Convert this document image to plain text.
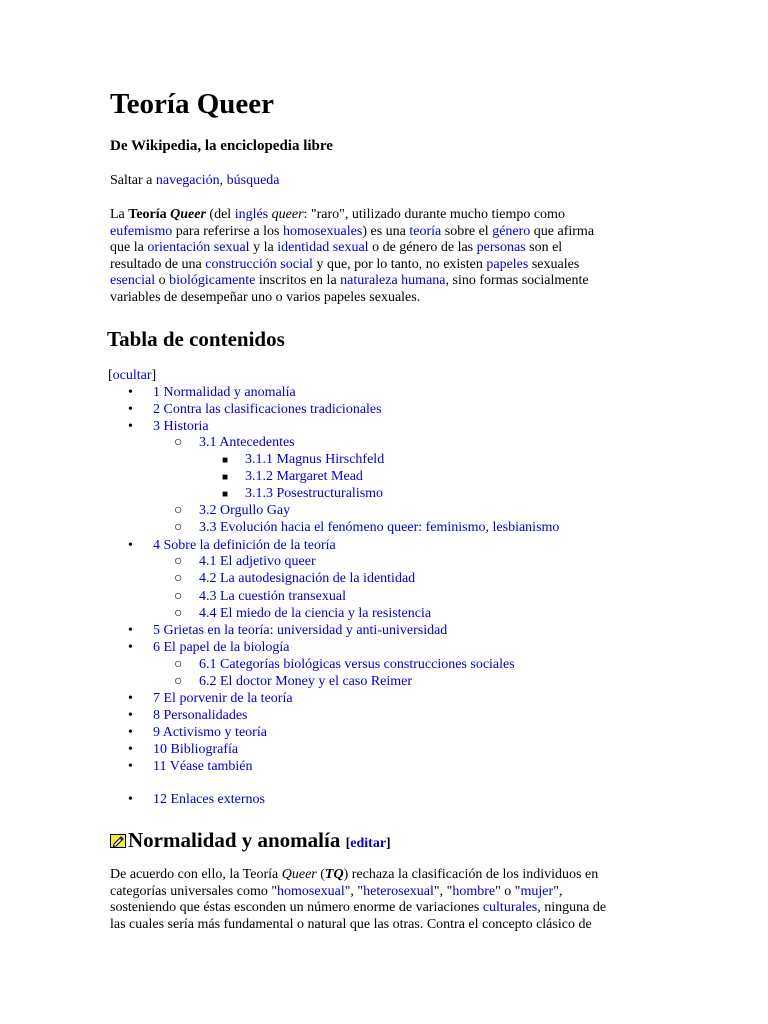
Teoría Queer

De Wikipedia, la enciclopedia libre

Saltar a navegación, búsqueda

La Teoría Queer (del inglés queer: "raro", utilizado durante mucho tiempo como
eufemismo para referirse a los homosexuales) es una teoría sobre el género que afirma
que la orientación sexual y la identidad sexual o de género de las personas son el
resultado de una construcción social y que, por lo tanto, no existen papeles sexuales
esencial o biológicamente inscritos en la naturaleza humana, sino formas socialmente
variables de desempeñar uno o varios papeles sexuales.
Tabla de contenidos

[ocultar]

• 1 Normalidad y anomalía
• 2 Contra las clasificaciones tradicionales
• 3 Historia
○ 3.1 Antecedentes
■ 3.1.1 Magnus Hirschfeld
■ 3.1.2 Margaret Mead
■ 3.1.3 Posestructuralismo
○ 3.2 Orgullo Gay
○ 3.3 Evolución hacia el fenómeno queer: feminismo, lesbianismo
• 4 Sobre la definición de la teoría
○ 4.1 El adjetivo queer
○ 4.2 La autodesignación de la identidad
○ 4.3 La cuestión transexual
○ 4.4 El miedo de la ciencia y la resistencia
• 5 Grietas en la teoría: universidad y anti-universidad
• 6 El papel de la biología
○ 6.1 Categorías biológicas versus construcciones sociales
○ 6.2 El doctor Money y el caso Reimer
• 7 El porvenir de la teoría
• 8 Personalidades
• 9 Activismo y teoría
• 10 Bibliografía
• 11 Véase también
• 12 Enlaces externos
Normalidad y anomalía [editar]
De acuerdo con ello, la Teoría Queer (TQ) rechaza la clasificación de los individuos en
categorías universales como "homosexual", "heterosexual", "hombre" o "mujer",
sosteniendo que éstas esconden un número enorme de variaciones culturales, ninguna de
las cuales sería más fundamental o natural que las otras. Contra el concepto clásico de
